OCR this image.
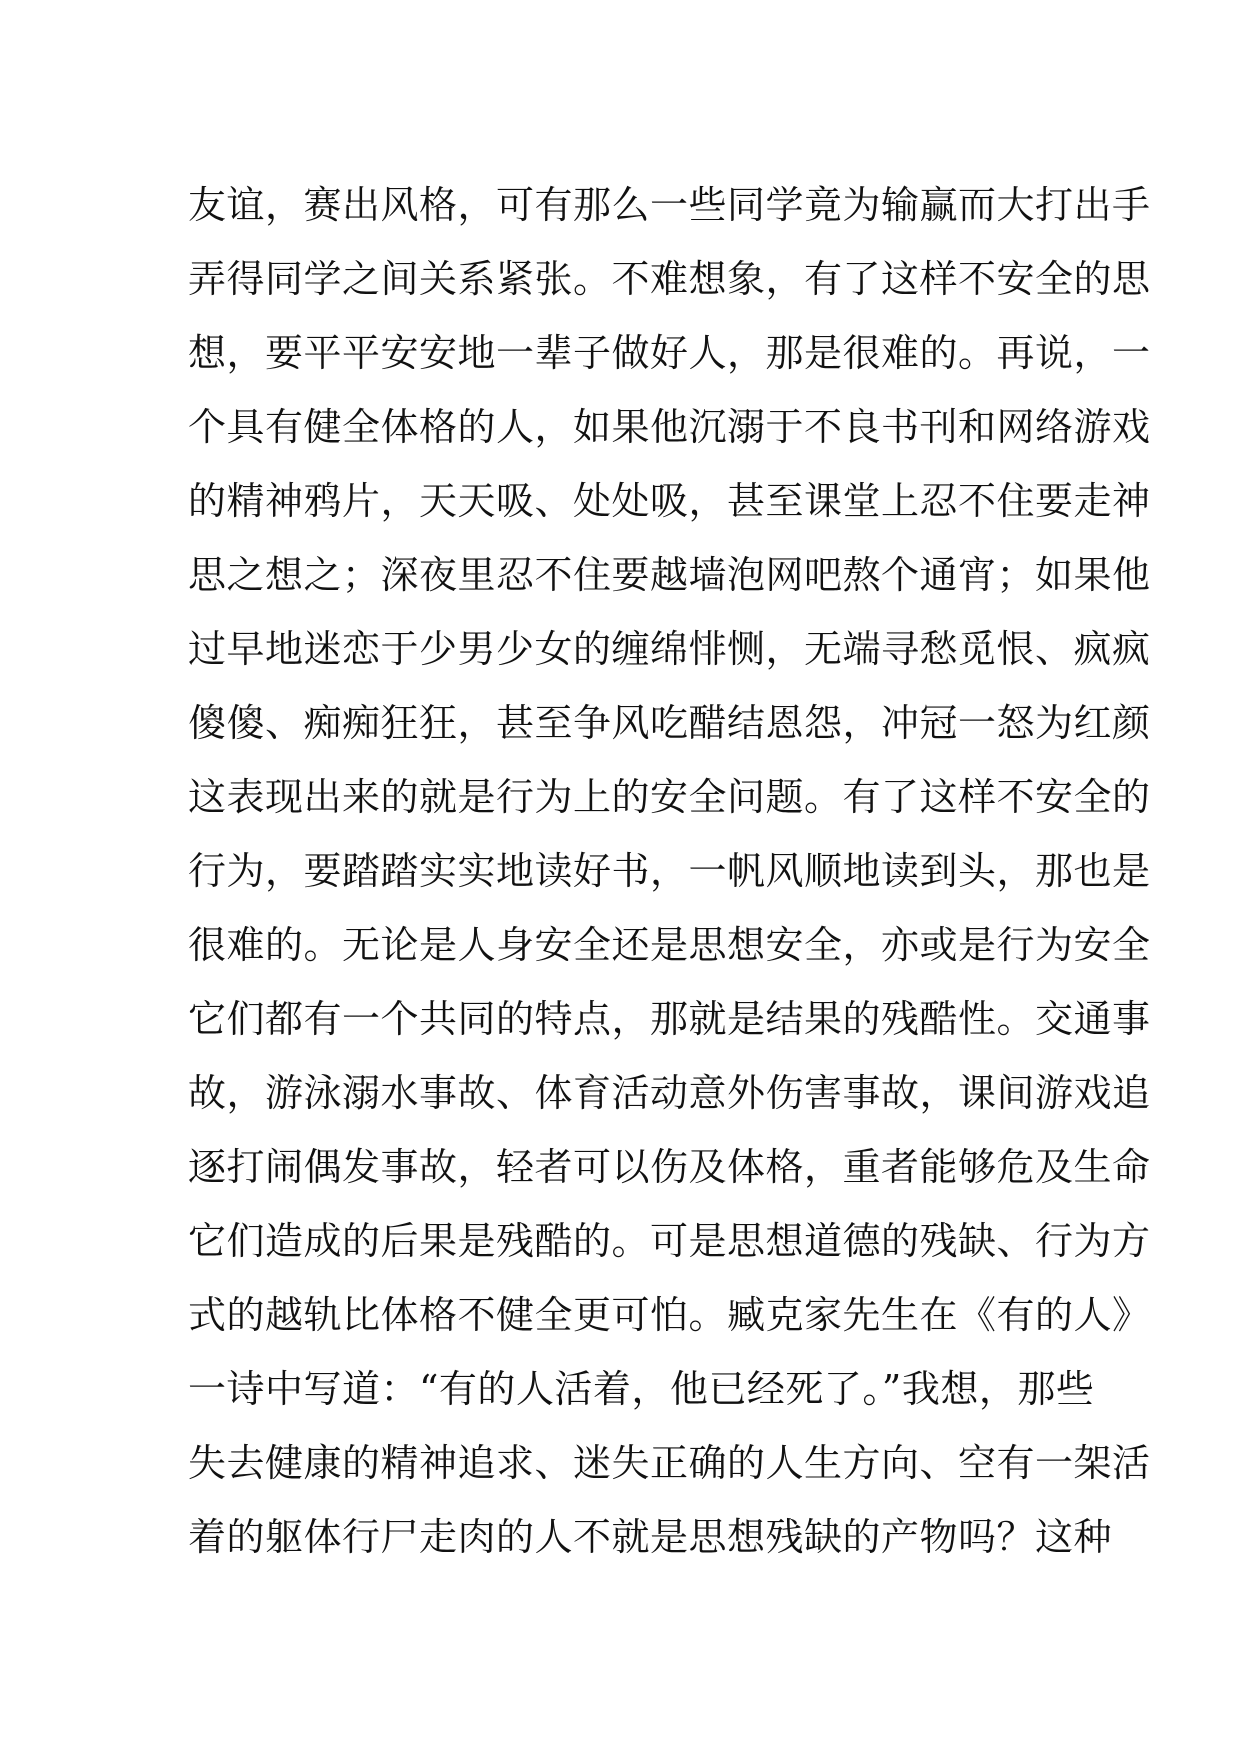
友谊，赛出风格，可有那么一些同学竟为输赢而大打出手
弄得同学之间关系紧张。不难想象，有了这样不安全的思
想，要平平安安地一辈子做好人，那是很难的。再说，一
个具有健全体格的人，如果他沉溺于不良书刊和网络游戏
的精神鸦片，天天吸、处处吸，甚至课堂上忍不住要走神
思之想之；深夜里忍不住要越墙泡网吧熬个通宵；如果他
过早地迷恋于少男少女的缠绵悱恻，无端寻愁觅恨、疯疯
傻傻、痴痴狂狂，甚至争风吃醋结恩怨，冲冠一怒为红颜
这表现出来的就是行为上的安全问题。有了这样不安全的
行为，要踏踏实实地读好书，一帆风顺地读到头，那也是
很难的。无论是人身安全还是思想安全，亦或是行为安全
它们都有一个共同的特点，那就是结果的残酷性。交通事
故，游泳溺水事故、体育活动意外伤害事故，课间游戏追
逐打闹偶发事故，轻者可以伤及体格，重者能够危及生命
它们造成的后果是残酷的。可是思想道德的残缺、行为方
式的越轨比体格不健全更可怕。臧克家先生在《有的人》
一诗中写道：“有的人活着，他已经死了。”我想，那些
失去健康的精神追求、迷失正确的人生方向、空有一架活
着的躯体行尸走肉的人不就是思想残缺的产物吗？这种
